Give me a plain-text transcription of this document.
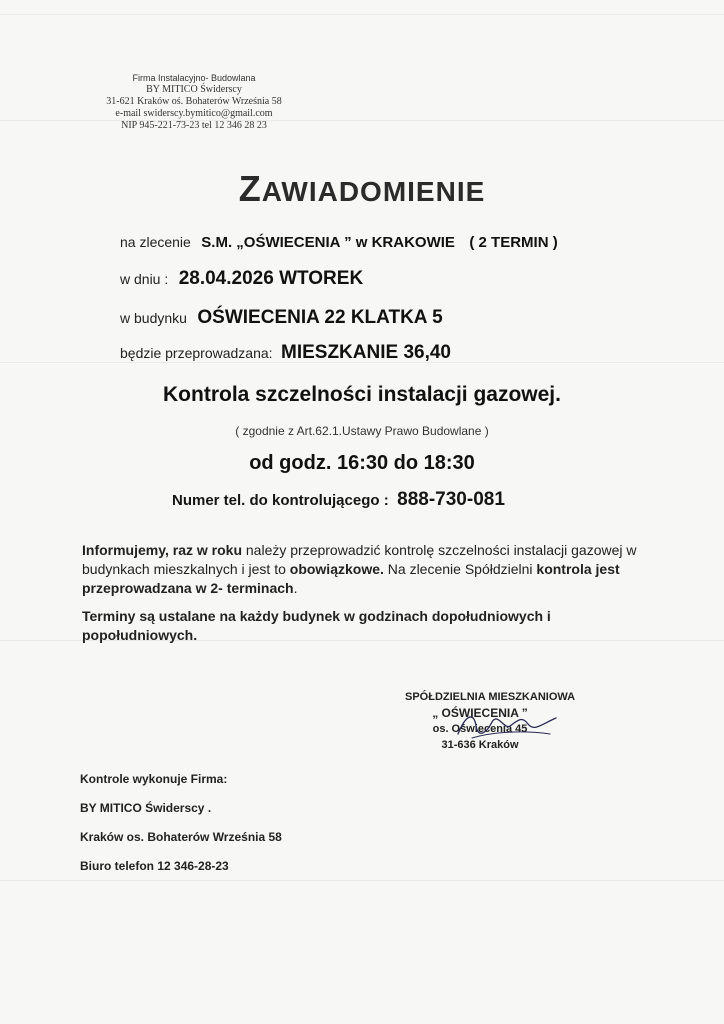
Firma Instalacyjno- Budowlana
BY MITICO Świderscy
31-621 Kraków oś. Bohaterów Września 58
e-mail swiderscy.bymitico@gmail.com
NIP 945-221-73-23 tel 12 346 28 23
ZAWIADOMIENIE
na zlecenie S.M. „OŚWIECENIA ” w KRAKOWIE ( 2 TERMIN )
w dniu : 28.04.2026 WTOREK
w budynku OŚWIECENIA 22 KLATKA 5
będzie przeprowadzana: MIESZKANIE 36,40
Kontrola szczelności instalacji gazowej.
( zgodnie z Art.62.1.Ustawy Prawo Budowlane )
od godz. 16:30 do 18:30
Numer tel. do kontrolującego : 888-730-081
Informujemy, raz w roku należy przeprowadzić kontrolę szczelności instalacji gazowej w budynkach mieszkalnych i jest to obowiązkowe. Na zlecenie Spółdzielni kontrola jest przeprowadzana w 2- terminach.
Terminy są ustalane na każdy budynek w godzinach dopołudniowych i popołudniowych.
SPÓŁDZIELNIA MIESZKANIOWA
„ OŚWIECENIA ”
os. Oświecenia 45
31-636 Kraków
Kontrole wykonuje Firma:
BY MITICO Świderscy .
Kraków os. Bohaterów Września 58
Biuro telefon 12 346-28-23
